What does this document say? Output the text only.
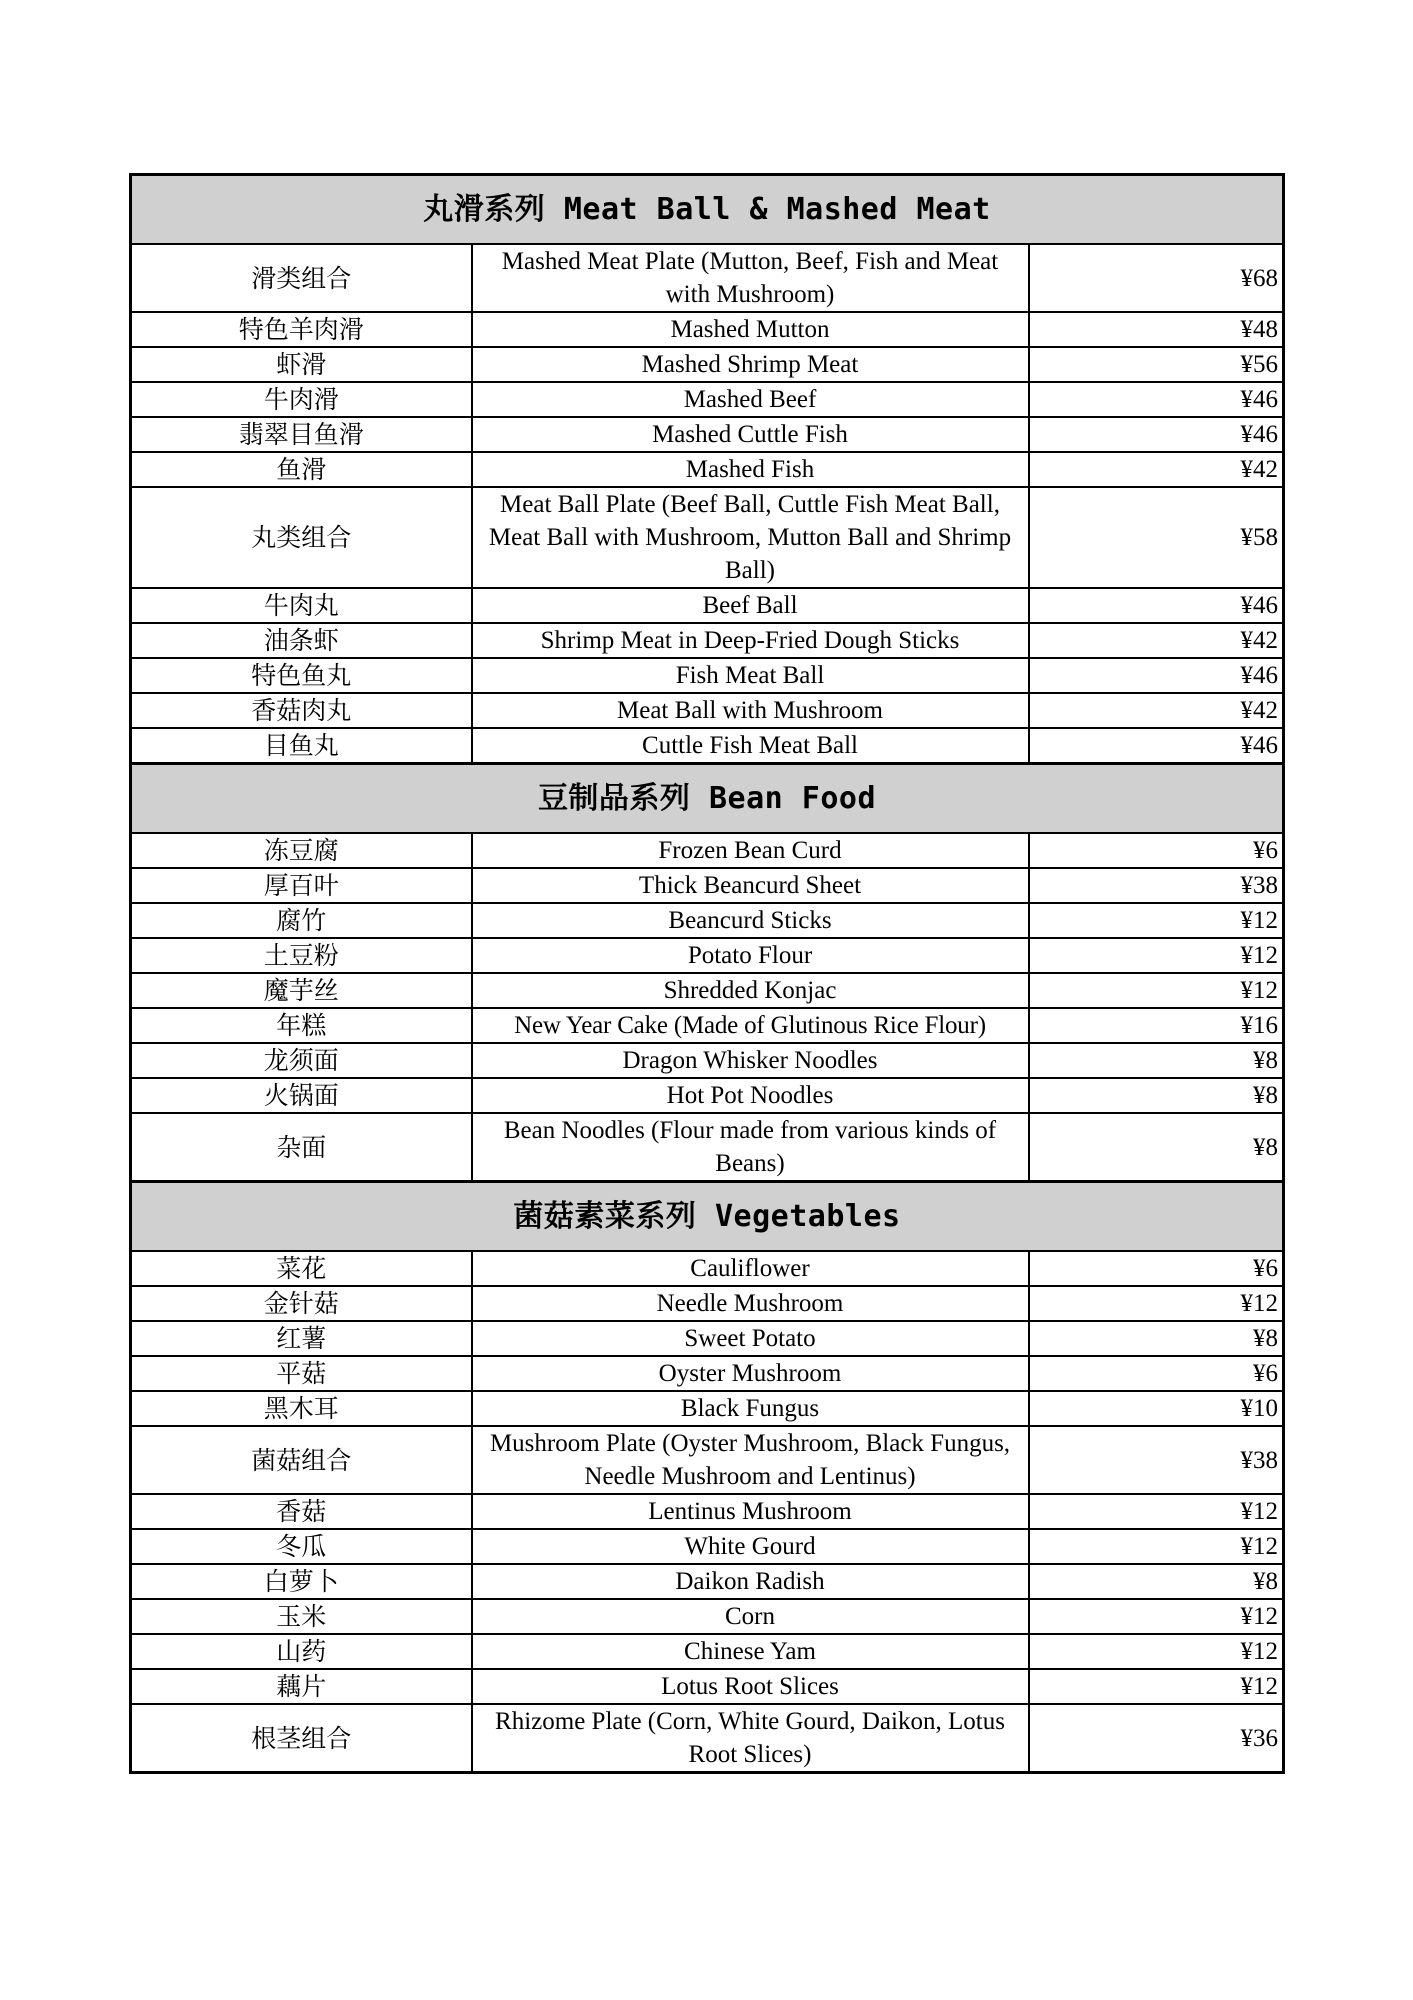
丸滑系列 Meat Ball & Mashed Meat		
滑类组合	Mashed Meat Plate (Mutton, Beef, Fish and Meat with Mushroom)	¥68
特色羊肉滑	Mashed Mutton	¥48
虾滑	Mashed Shrimp Meat	¥56
牛肉滑	Mashed Beef	¥46
翡翠目鱼滑	Mashed Cuttle Fish	¥46
鱼滑	Mashed Fish	¥42
丸类组合	Meat Ball Plate (Beef Ball, Cuttle Fish Meat Ball, Meat Ball with Mushroom, Mutton Ball and Shrimp Ball)	¥58
牛肉丸	Beef Ball	¥46
油条虾	Shrimp Meat in Deep-Fried Dough Sticks	¥42
特色鱼丸	Fish Meat Ball	¥46
香菇肉丸	Meat Ball with Mushroom	¥42
目鱼丸	Cuttle Fish Meat Ball	¥46
豆制品系列 Bean Food		
冻豆腐	Frozen Bean Curd	¥6
厚百叶	Thick Beancurd Sheet	¥38
腐竹	Beancurd Sticks	¥12
土豆粉	Potato Flour	¥12
魔芋丝	Shredded Konjac	¥12
年糕	New Year Cake (Made of Glutinous Rice Flour)	¥16
龙须面	Dragon Whisker Noodles	¥8
火锅面	Hot Pot Noodles	¥8
杂面	Bean Noodles (Flour made from various kinds of Beans)	¥8
菌菇素菜系列 Vegetables		
菜花	Cauliflower	¥6
金针菇	Needle Mushroom	¥12
红薯	Sweet Potato	¥8
平菇	Oyster Mushroom	¥6
黑木耳	Black Fungus	¥10
菌菇组合	Mushroom Plate (Oyster Mushroom, Black Fungus, Needle Mushroom and Lentinus)	¥38
香菇	Lentinus Mushroom	¥12
冬瓜	White Gourd	¥12
白萝卜	Daikon Radish	¥8
玉米	Corn	¥12
山药	Chinese Yam	¥12
藕片	Lotus Root Slices	¥12
根茎组合	Rhizome Plate (Corn, White Gourd, Daikon, Lotus Root Slices)	¥36
